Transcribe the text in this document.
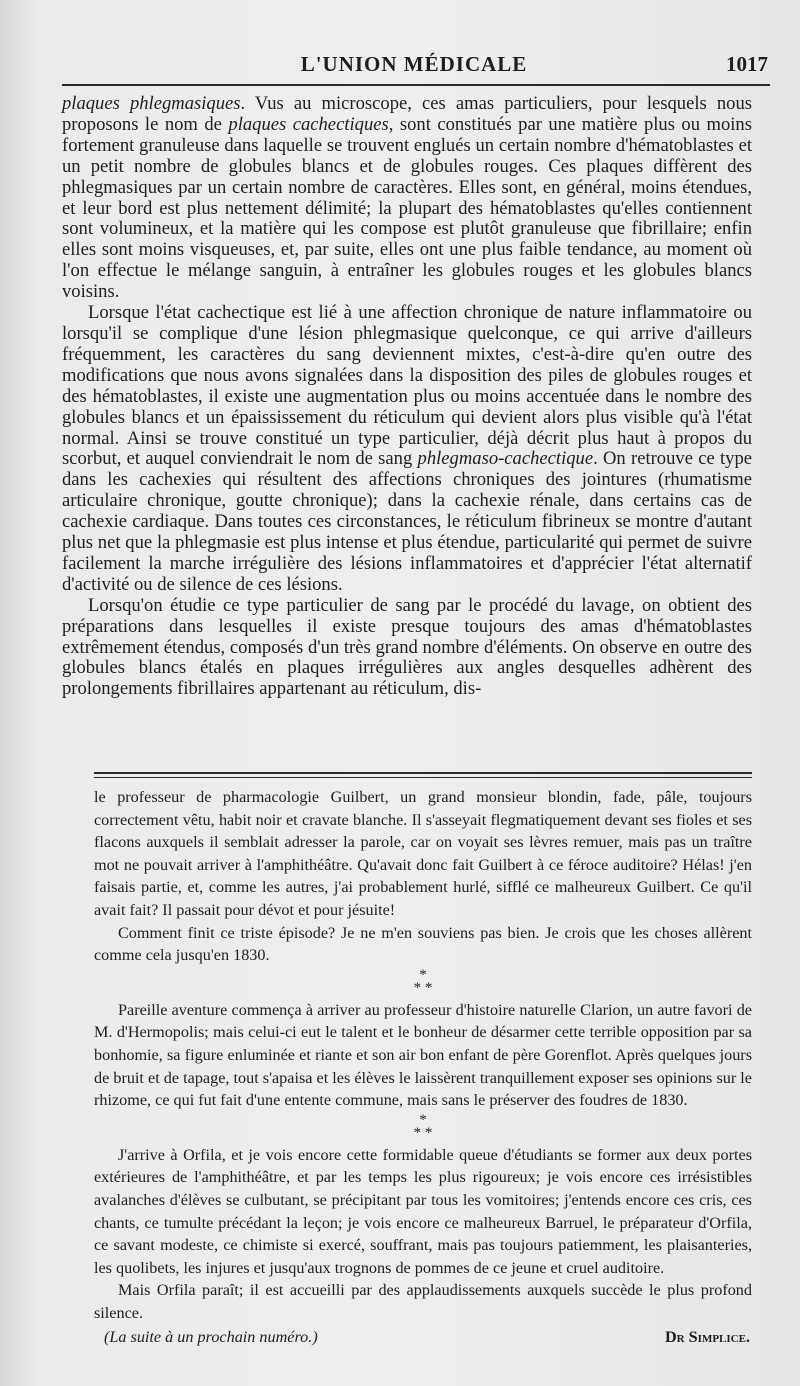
L'UNION MÉDICALE	1017

plaques phlegmasiques. Vus au microscope, ces amas particuliers, pour lesquels nous proposons le nom de plaques cachectiques, sont constitués par une matière plus ou moins fortement granuleuse dans laquelle se trouvent englués un certain nombre d'hématoblastes et un petit nombre de globules blancs et de globules rouges. Ces plaques diffèrent des phlegmasiques par un certain nombre de caractères. Elles sont, en général, moins étendues, et leur bord est plus nettement délimité; la plupart des hématoblastes qu'elles contiennent sont volumineux, et la matière qui les compose est plutôt granuleuse que fibrillaire; enfin elles sont moins visqueuses, et, par suite, elles ont une plus faible tendance, au moment où l'on effectue le mélange sanguin, à entraîner les globules rouges et les globules blancs voisins.

Lorsque l'état cachectique est lié à une affection chronique de nature inflammatoire ou lorsqu'il se complique d'une lésion phlegmasique quelconque, ce qui arrive d'ailleurs fréquemment, les caractères du sang deviennent mixtes, c'est-à-dire qu'en outre des modifications que nous avons signalées dans la disposition des piles de globules rouges et des hématoblastes, il existe une augmentation plus ou moins accentuée dans le nombre des globules blancs et un épaississement du réticulum qui devient alors plus visible qu'à l'état normal. Ainsi se trouve constitué un type particulier, déjà décrit plus haut à propos du scorbut, et auquel conviendrait le nom de sang phlegmaso-cachectique. On retrouve ce type dans les cachexies qui résultent des affections chroniques des jointures (rhumatisme articulaire chronique, goutte chronique); dans la cachexie rénale, dans certains cas de cachexie cardiaque. Dans toutes ces circonstances, le réticulum fibrineux se montre d'autant plus net que la phlegmasie est plus intense et plus étendue, particularité qui permet de suivre facilement la marche irrégulière des lésions inflammatoires et d'apprécier l'état alternatif d'activité ou de silence de ces lésions.

Lorsqu'on étudie ce type particulier de sang par le procédé du lavage, on obtient des préparations dans lesquelles il existe presque toujours des amas d'hématoblastes extrêmement étendus, composés d'un très grand nombre d'éléments. On observe en outre des globules blancs étalés en plaques irrégulières aux angles desquelles adhèrent des prolongements fibrillaires appartenant au réticulum, dis-

le professeur de pharmacologie Guilbert, un grand monsieur blondin, fade, pâle, toujours correctement vêtu, habit noir et cravate blanche. Il s'asseyait flegmatiquement devant ses fioles et ses flacons auxquels il semblait adresser la parole, car on voyait ses lèvres remuer, mais pas un traître mot ne pouvait arriver à l'amphithéâtre. Qu'avait donc fait Guilbert à ce féroce auditoire? Hélas! j'en faisais partie, et, comme les autres, j'ai probablement hurlé, sifflé ce malheureux Guilbert. Ce qu'il avait fait? Il passait pour dévot et pour jésuite!

Comment finit ce triste épisode? Je ne m'en souviens pas bien. Je crois que les choses allèrent comme cela jusqu'en 1830.

*
* *

Pareille aventure commença à arriver au professeur d'histoire naturelle Clarion, un autre favori de M. d'Hermopolis; mais celui-ci eut le talent et le bonheur de désarmer cette terrible opposition par sa bonhomie, sa figure enluminée et riante et son air bon enfant de père Gorenflot. Après quelques jours de bruit et de tapage, tout s'apaisa et les élèves le laissèrent tranquillement exposer ses opinions sur le rhizome, ce qui fut fait d'une entente commune, mais sans le préserver des foudres de 1830.

*
* *

J'arrive à Orfila, et je vois encore cette formidable queue d'étudiants se former aux deux portes extérieures de l'amphithéâtre, et par les temps les plus rigoureux; je vois encore ces irrésistibles avalanches d'élèves se culbutant, se précipitant par tous les vomitoires; j'entends encore ces cris, ces chants, ce tumulte précédant la leçon; je vois encore ce malheureux Barruel, le préparateur d'Orfila, ce savant modeste, ce chimiste si exercé, souffrant, mais pas toujours patiemment, les plaisanteries, les quolibets, les injures et jusqu'aux trognons de pommes de ce jeune et cruel auditoire.

Mais Orfila paraît; il est accueilli par des applaudissements auxquels succède le plus profond silence.

(La suite à un prochain numéro.)	Dr Simplice.
